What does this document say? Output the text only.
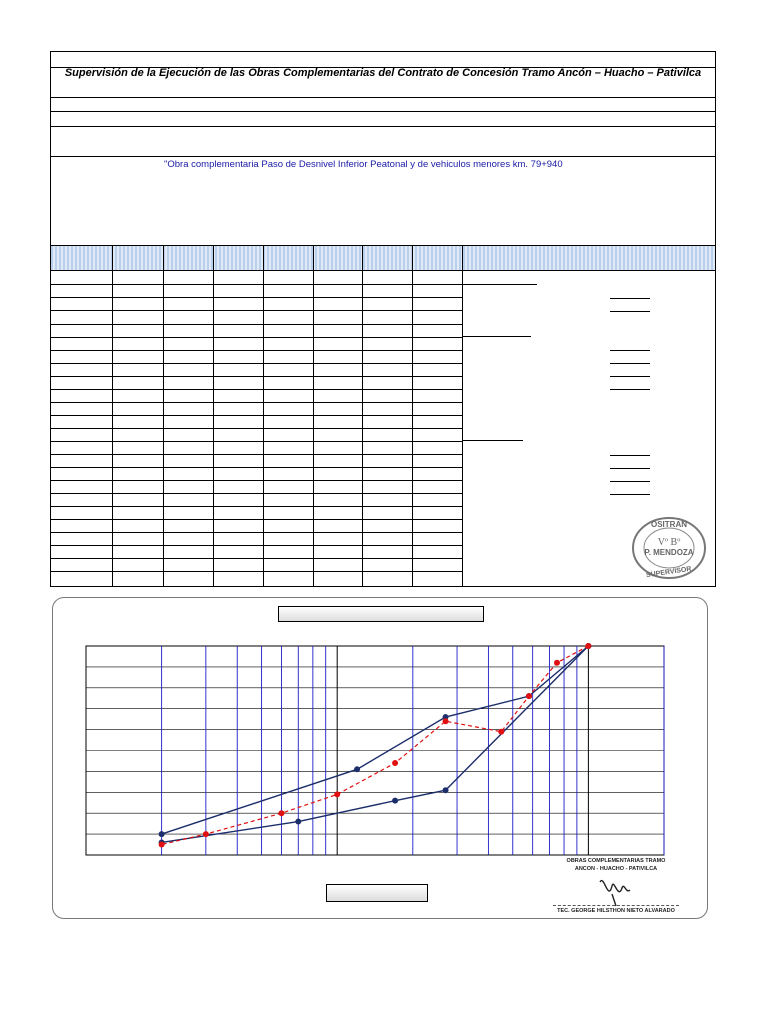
Supervisión de la Ejecución de las Obras Complementarias del Contrato de Concesión Tramo Ancón – Huacho – Pativilca
"Obra complementaria Paso de Desnivel Inferior Peatonal y de vehiculos menores km. 79+940
OSITRAN
Vº Bº
P. MENDOZA
SUPERVISOR
OBRAS COMPLEMENTARIAS TRAMO
ANCON - HUACHO - PATIVILCA
TEC. GEORGE HILSTHON NIETO ALVARADO
